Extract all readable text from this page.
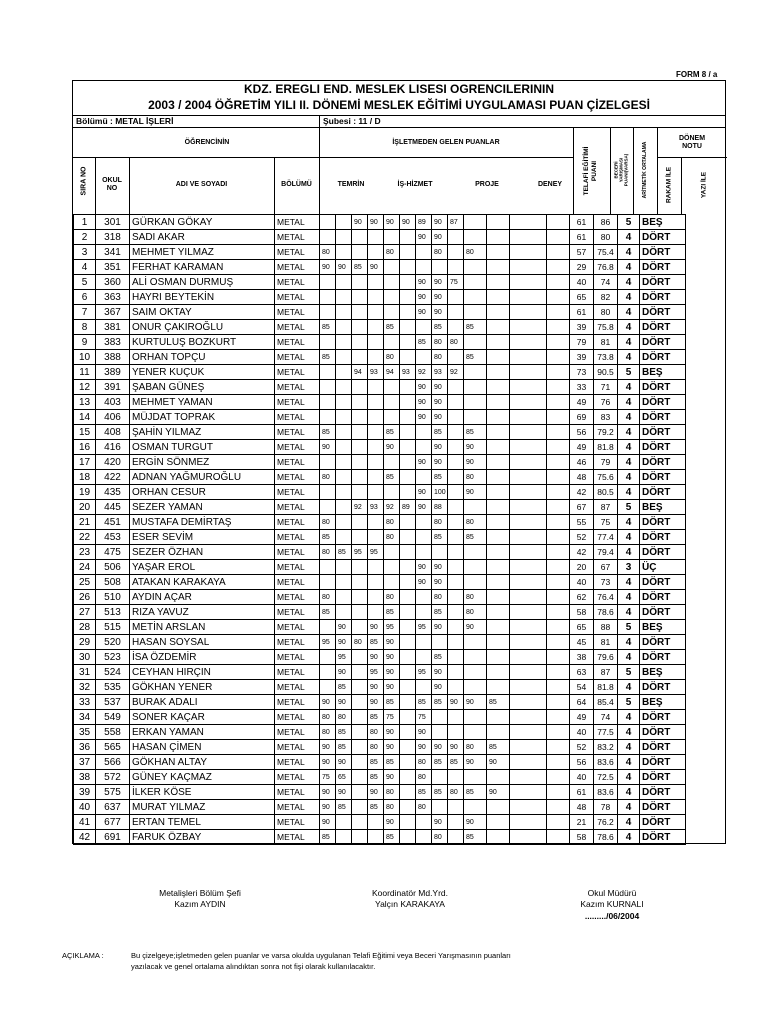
FORM 8 / a
KDZ. EREGLI END. MESLEK LISESI OGRENCILERININ
2003 / 2004 ÖĞRETİM YILI II. DÖNEMİ MESLEK EĞİTİMİ UYGULAMASI PUAN ÇİZELGESİ
Bölümü : METAL İŞLERİ	Şubesi : 11 / D
ÖĞRENCİNİN	İŞLETMEDEN GELEN PUANLAR
DÖNEM
NOTU
SIRA NO	OKUL
NO
ADI VE SOYADI	BÖLÜMÜ	TEMRİN	İŞ-HİZMET	PROJE	DENEY	TELAFİ EĞİTİMİ
PUANI	BECERİ
YARIŞMASI
PUANI(VARSA)	ARİTMETİK ORTALAMA	RAKAM İLE	YAZI İLE
1	301	GÜRKAN GÖKAY	METAL			90	90	90	90	89	90	87					61	86	5	BEŞ
2	318	SADI AKAR	METAL							90	90						61	80	4	DÖRT
3	341	MEHMET YILMAZ	METAL	80				80			80		80				57	75.4	4	DÖRT
4	351	FERHAT KARAMAN	METAL	90	90	85	90										29	76.8	4	DÖRT
5	360	ALİ OSMAN DURMUŞ	METAL							90	90	75					40	74	4	DÖRT
6	363	HAYRI BEYTEKİN	METAL							90	90						65	82	4	DÖRT
7	367	SAIM OKTAY	METAL							90	90						61	80	4	DÖRT
8	381	ONUR ÇAKIROĞLU	METAL	85				85			85		85				39	75.8	4	DÖRT
9	383	KURTULUŞ BOZKURT	METAL							85	80	80					79	81	4	DÖRT
10	388	ORHAN TOPÇU	METAL	85				80			80		85				39	73.8	4	DÖRT
11	389	YENER KUÇUK	METAL			94	93	94	93	92	93	92					73	90.5	5	BEŞ
12	391	ŞABAN GÜNEŞ	METAL							90	90						33	71	4	DÖRT
13	403	MEHMET YAMAN	METAL							90	90						49	76	4	DÖRT
14	406	MÜJDAT TOPRAK	METAL							90	90						69	83	4	DÖRT
15	408	ŞAHİN YILMAZ	METAL	85				85			85		85				56	79.2	4	DÖRT
16	416	OSMAN TURGUT	METAL	90				90			90		90				49	81.8	4	DÖRT
17	420	ERGİN SÖNMEZ	METAL							90	90		90				46	79	4	DÖRT
18	422	ADNAN YAĞMUROĞLU	METAL	80				85			85		80				48	75.6	4	DÖRT
19	435	ORHAN CESUR	METAL							90	100		90				42	80.5	4	DÖRT
20	445	SEZER YAMAN	METAL			92	93	92	89	90	88						67	87	5	BEŞ
21	451	MUSTAFA DEMİRTAŞ	METAL	80				80			80		80				55	75	4	DÖRT
22	453	ESER SEVİM	METAL	85				80			85		85				52	77.4	4	DÖRT
23	475	SEZER ÖZHAN	METAL	80	85	95	95										42	79.4	4	DÖRT
24	506	YAŞAR EROL	METAL							90	90						20	67	3	ÜÇ
25	508	ATAKAN KARAKAYA	METAL							90	90						40	73	4	DÖRT
26	510	AYDIN AÇAR	METAL	80				80			80		80				62	76.4	4	DÖRT
27	513	RIZA YAVUZ	METAL	85				85			85		80				58	78.6	4	DÖRT
28	515	METİN ARSLAN	METAL		90		90	95		95	90		90				65	88	5	BEŞ
29	520	HASAN SOYSAL	METAL	95	90	80	85	90									45	81	4	DÖRT
30	523	İSA ÖZDEMİR	METAL		95		90	90			85						38	79.6	4	DÖRT
31	524	CEYHAN HIRÇIN	METAL		90		95	90		95	90						63	87	5	BEŞ
32	535	GÖKHAN YENER	METAL		85		90	90			90						54	81.8	4	DÖRT
33	537	BURAK ADALI	METAL	90	90		90	85		85	85	90	90	85			64	85.4	5	BEŞ
34	549	SONER KAÇAR	METAL	80	80		85	75		75							49	74	4	DÖRT
35	558	ERKAN YAMAN	METAL	80	85		80	90		90							40	77.5	4	DÖRT
36	565	HASAN ÇİMEN	METAL	90	85		80	90		90	90	90	80	85			52	83.2	4	DÖRT
37	566	GÖKHAN ALTAY	METAL	90	90		85	85		80	85	85	90	90			56	83.6	4	DÖRT
38	572	GÜNEY KAÇMAZ	METAL	75	65		85	90		80							40	72.5	4	DÖRT
39	575	İLKER KÖSE	METAL	90	90		90	80		85	85	80	85	90			61	83.6	4	DÖRT
40	637	MURAT YILMAZ	METAL	90	85		85	80		80							48	78	4	DÖRT
41	677	ERTAN TEMEL	METAL	90				90			90		90				21	76.2	4	DÖRT
42	691	FARUK ÖZBAY	METAL	85				85			80		85				58	78.6	4	DÖRT
Metalişleri Bölüm Şefi
Kazım AYDIN
Koordinatör Md.Yrd.
Yalçın KARAKAYA
Okul Müdürü
Kazım KURNALI
........./06/2004
AÇIKLAMA :	Bu çizelgeye;işletmeden gelen puanlar ve varsa okulda uygulanan Telafi Eğitimi veya Beceri Yarışmasının puanları
yazılacak ve genel ortalama alındıktan sonra not fişi olarak kullanılacaktır.
